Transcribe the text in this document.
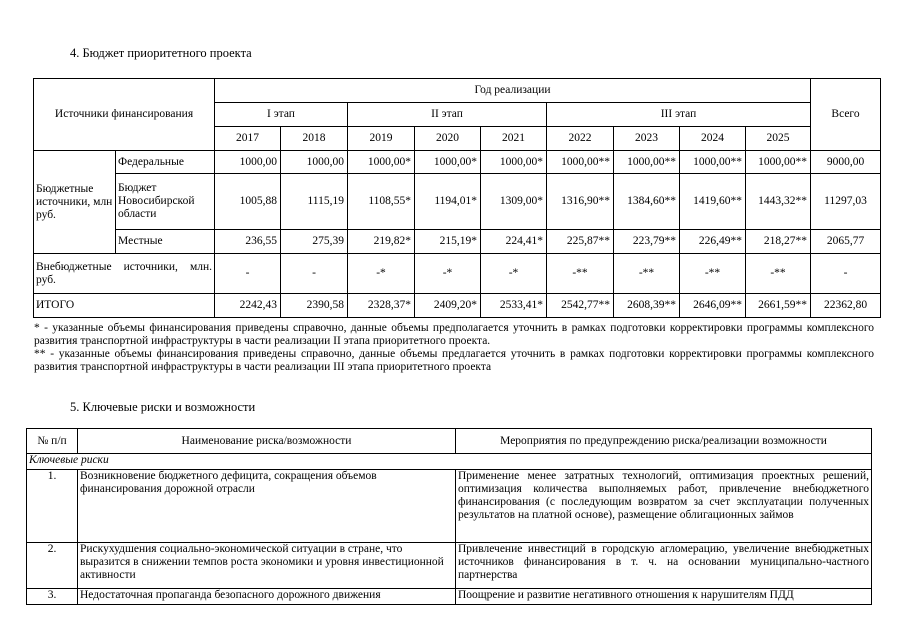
4. Бюджет приоритетного проекта
Источники финансирования		Год реализации									Всего
		I этап		II этап			III этап				
		2017	2018	2019	2020	2021	2022	2023	2024	2025	
Бюджетные источники, млн руб.	Федеральные	1000,00	1000,00	1000,00*	1000,00*	1000,00*	1000,00**	1000,00**	1000,00**	1000,00**	9000,00
	Бюджет Новосибирской области	1005,88	1115,19	1108,55*	1194,01*	1309,00*	1316,90**	1384,60**	1419,60**	1443,32**	11297,03
	Местные	236,55	275,39	219,82*	215,19*	224,41*	225,87**	223,79**	226,49**	218,27**	2065,77
Внебюджетные источники, млн. руб.		-	-	-*	-*	-*	-**	-**	-**	-**	-
ИТОГО		2242,43	2390,58	2328,37*	2409,20*	2533,41*	2542,77**	2608,39**	2646,09**	2661,59**	22362,80

* - указанные объемы финансирования приведены справочно, данные объемы предполагается уточнить в рамках подготовки корректировки программы комплексного развития транспортной инфраструктуры в части реализации II этапа приоритетного проекта.

** - указанные объемы финансирования приведены справочно, данные объемы предлагается уточнить в рамках подготовки корректировки программы комплексного развития транспортной инфраструктуры в части реализации III этапа приоритетного проекта

5. Ключевые риски и возможности
№ п/п	Наименование риска/возможности	Мероприятия по предупреждению риска/реализации возможности
Ключевые риски		
1.	Возникновение бюджетного дефицита, сокращения объемов финансирования дорожной отрасли	Применение менее затратных технологий, оптимизация проектных решений, оптимизация количества выполняемых работ, привлечение внебюджетного финансирования (с последующим возвратом за счет эксплуатации полученных результатов на платной основе), размещение облигационных займов
2.	Рискухудшения социально-экономической ситуации в стране, что выразится в снижении темпов роста экономики и уровня инвестиционной активности	Привлечение инвестиций в городскую агломерацию, увеличение внебюджетных источников финансирования в т. ч. на основании муниципально-частного партнерства
3.	Недостаточная пропаганда безопасного дорожного движения	Поощрение и развитие негативного отношения к нарушителям ПДД
